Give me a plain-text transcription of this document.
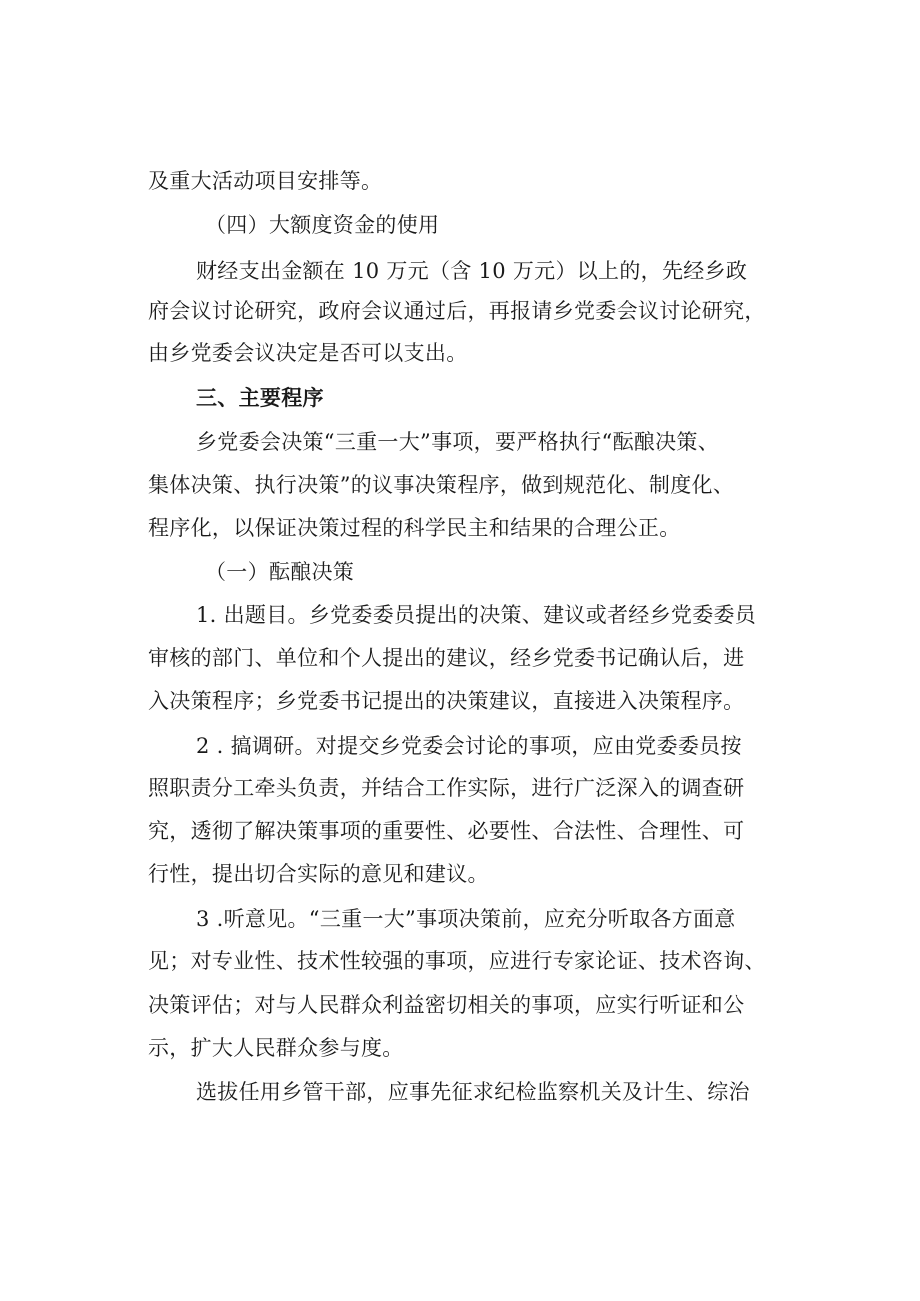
及重大活动项目安排等。
（四）大额度资金的使用
财经支出金额在 10 万元（含 10 万元）以上的，先经乡政
府会议讨论研究，政府会议通过后，再报请乡党委会议讨论研究，
由乡党委会议决定是否可以支出。
三、主要程序
乡党委会决策“三重一大”事项，要严格执行“酝酿决策、
集体决策、执行决策”的议事决策程序，做到规范化、制度化、
程序化，以保证决策过程的科学民主和结果的合理公正。
（一）酝酿决策
1. 出题目。乡党委委员提出的决策、建议或者经乡党委委员
审核的部门、单位和个人提出的建议，经乡党委书记确认后，进
入决策程序；乡党委书记提出的决策建议，直接进入决策程序。
2 . 搞调研。对提交乡党委会讨论的事项，应由党委委员按
照职责分工牵头负责，并结合工作实际，进行广泛深入的调查研
究，透彻了解决策事项的重要性、必要性、合法性、合理性、可
行性，提出切合实际的意见和建议。
3 .听意见。“三重一大”事项决策前，应充分听取各方面意
见；对专业性、技术性较强的事项，应进行专家论证、技术咨询、
决策评估；对与人民群众利益密切相关的事项，应实行听证和公
示，扩大人民群众参与度。
选拔任用乡管干部，应事先征求纪检监察机关及计生、综治
